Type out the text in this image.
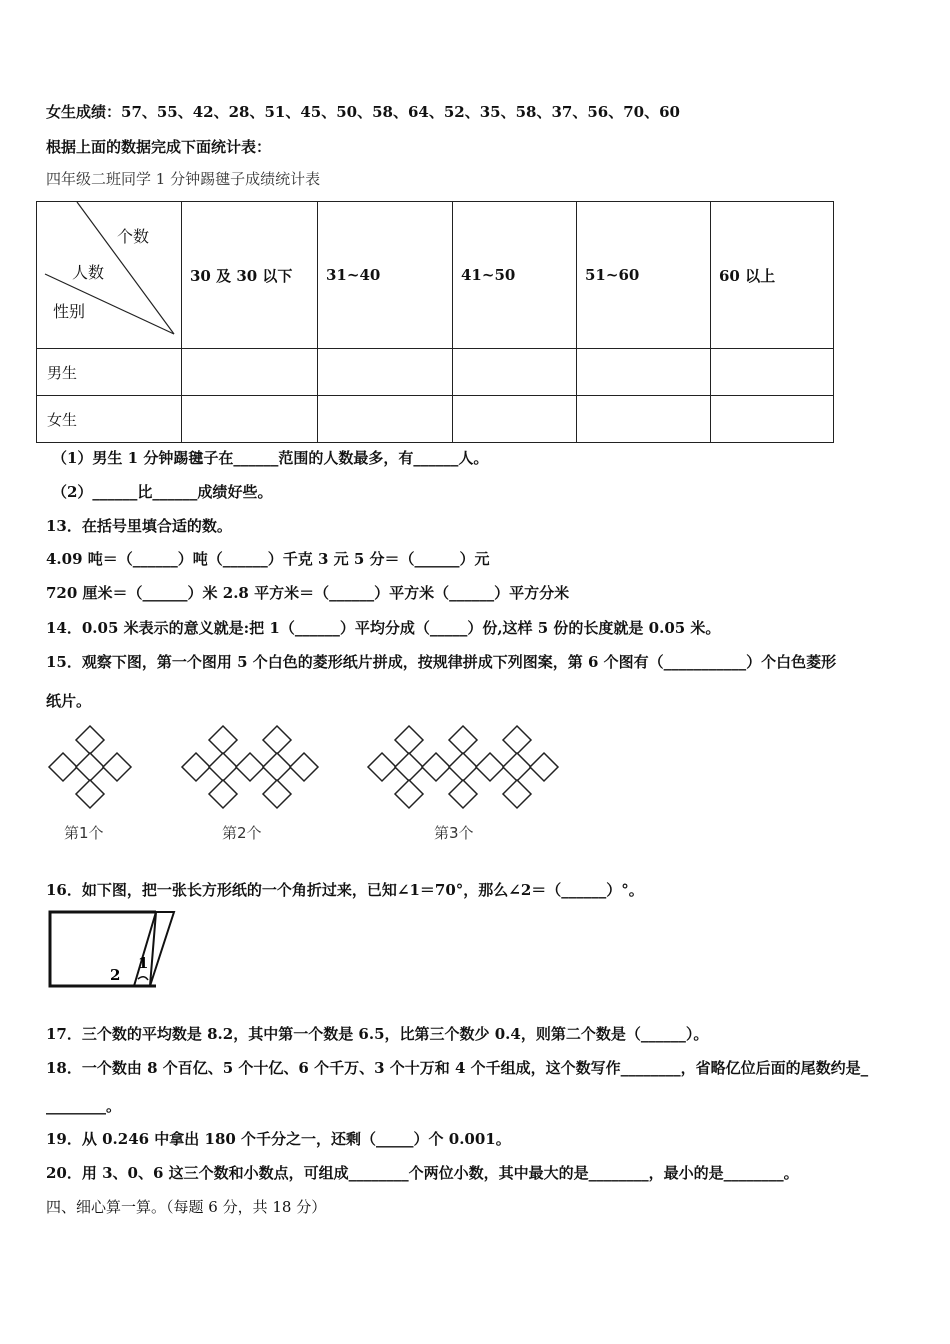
女生成绩：57、55、42、28、51、45、50、58、64、52、35、58、37、56、70、60
根据上面的数据完成下面统计表：
四年级二班同学 1 分钟踢毽子成绩统计表
个数
人数
性别	30 及 30 以下	31~40	41~50	51~60	60 以上
男生					
女生					
（1）男生 1 分钟踢毽子在______范围的人数最多，有______人。
（2）______比______成绩好些。
13．在括号里填合适的数。
4.09 吨＝（______）吨（______）千克 3 元 5 分＝（______）元
720 厘米＝（______）米 2.8 平方米＝（______）平方米（______）平方分米
14．0.05 米表示的意义就是:把 1（______）平均分成（_____）份,这样 5 份的长度就是 0.05 米。
15．观察下图，第一个图用 5 个白色的菱形纸片拼成，按规律拼成下列图案，第 6 个图有（___________）个白色菱形
纸片。
第1个	第2个	第3个
16．如下图，把一张长方形纸的一个角折过来，已知∠1＝70°，那么∠2＝（______）°。
1
2
17．三个数的平均数是 8.2，其中第一个数是 6.5，比第三个数少 0.4，则第二个数是（______）。
18．一个数由 8 个百亿、5 个十亿、6 个千万、3 个十万和 4 个千组成，这个数写作________，省略亿位后面的尾数约是_
________。
19．从 0.246 中拿出 180 个千分之一，还剩（_____）个 0.001。
20．用 3、0、6 这三个数和小数点，可组成________个两位小数，其中最大的是________，最小的是________。
四、细心算一算。（每题 6 分，共 18 分）
